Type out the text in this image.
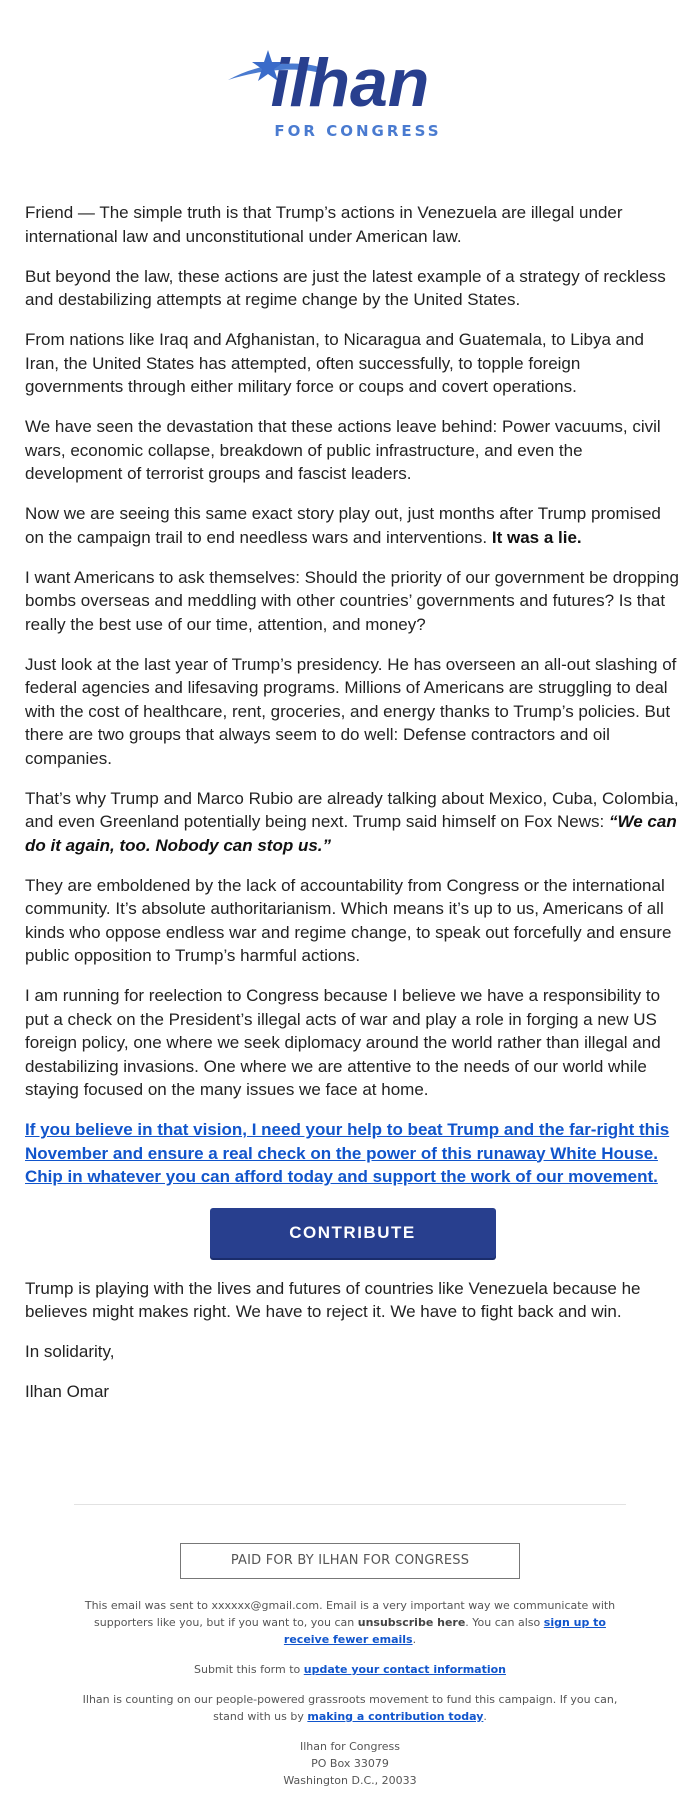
ilhan
FOR CONGRESS

Friend — The simple truth is that Trump’s actions in Venezuela are illegal under international law and unconstitutional under American law.

But beyond the law, these actions are just the latest example of a strategy of reckless and destabilizing attempts at regime change by the United States.

From nations like Iraq and Afghanistan, to Nicaragua and Guatemala, to Libya and Iran, the United States has attempted, often successfully, to topple foreign governments through either military force or coups and covert operations.

We have seen the devastation that these actions leave behind: Power vacuums, civil wars, economic collapse, breakdown of public infrastructure, and even the development of terrorist groups and fascist leaders.

Now we are seeing this same exact story play out, just months after Trump promised on the campaign trail to end needless wars and interventions. It was a lie.

I want Americans to ask themselves: Should the priority of our government be dropping bombs overseas and meddling with other countries’ governments and futures? Is that really the best use of our time, attention, and money?

Just look at the last year of Trump’s presidency. He has overseen an all-out slashing of federal agencies and lifesaving programs. Millions of Americans are struggling to deal with the cost of healthcare, rent, groceries, and energy thanks to Trump’s policies. But there are two groups that always seem to do well: Defense contractors and oil companies.

That’s why Trump and Marco Rubio are already talking about Mexico, Cuba, Colombia, and even Greenland potentially being next. Trump said himself on Fox News: “We can do it again, too. Nobody can stop us.”

They are emboldened by the lack of accountability from Congress or the international community. It’s absolute authoritarianism. Which means it’s up to us, Americans of all kinds who oppose endless war and regime change, to speak out forcefully and ensure public opposition to Trump’s harmful actions.

I am running for reelection to Congress because I believe we have a responsibility to put a check on the President’s illegal acts of war and play a role in forging a new US foreign policy, one where we seek diplomacy around the world rather than illegal and destabilizing invasions. One where we are attentive to the needs of our world while staying focused on the many issues we face at home.

If you believe in that vision, I need your help to beat Trump and the far-right this November and ensure a real check on the power of this runaway White House. Chip in whatever you can afford today and support the work of our movement.
CONTRIBUTE

Trump is playing with the lives and futures of countries like Venezuela because he believes might makes right. We have to reject it. We have to fight back and win.

In solidarity,

Ilhan Omar

PAID FOR BY ILHAN FOR CONGRESS

This email was sent to xxxxxx@gmail.com. Email is a very important way we communicate with supporters like you, but if you want to, you can unsubscribe here. You can also sign up to receive fewer emails.

Submit this form to update your contact information

Ilhan is counting on our people-powered grassroots movement to fund this campaign. If you can, stand with us by making a contribution today.

Ilhan for Congress
PO Box 33079
Washington D.C., 20033
